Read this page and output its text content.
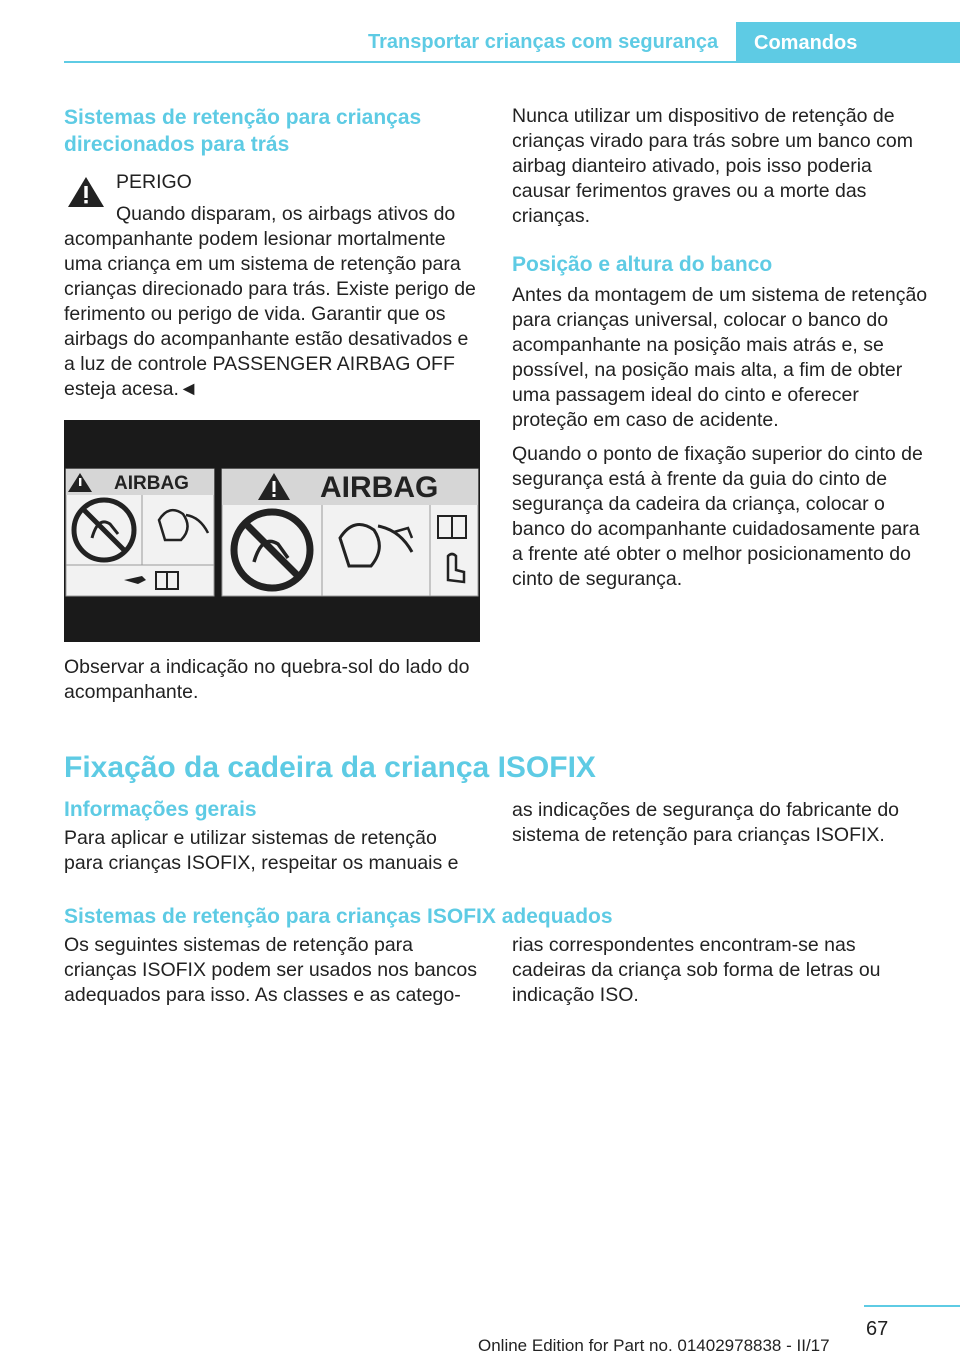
Transportar crianças com segurança	Comandos
Sistemas de retenção para crianças direcionados para trás

PERIGO

Quando disparam, os airbags ativos do

acompanhante podem lesionar mortalmente uma criança em um sistema de retenção para crianças direcionado para trás. Existe perigo de ferimento ou perigo de vida. Garantir que os airbags do acompanhante estão desativados e a luz de controle PASSENGER AIRBAG OFF esteja acesa.◄

AIRBAG	AIRBAG

Observar a indicação no quebra-sol do lado do acompanhante.

Nunca utilizar um dispositivo de retenção de crianças virado para trás sobre um banco com airbag dianteiro ativado, pois isso poderia causar ferimentos graves ou a morte das crianças.

Posição e altura do banco

Antes da montagem de um sistema de retenção para crianças universal, colocar o banco do acompanhante na posição mais atrás e, se possível, na posição mais alta, a fim de obter uma passagem ideal do cinto e oferecer proteção em caso de acidente.

Quando o ponto de fixação superior do cinto de segurança está à frente da guia do cinto de segurança da cadeira da criança, colocar o banco do acompanhante cuidadosamente para a frente até obter o melhor posicionamento do cinto de segurança.

Fixação da cadeira da criança ISOFIX
Informações gerais

Para aplicar e utilizar sistemas de retenção para crianças ISOFIX, respeitar os manuais e

as indicações de segurança do fabricante do sistema de retenção para crianças ISOFIX.

Sistemas de retenção para crianças ISOFIX adequados

Os seguintes sistemas de retenção para crianças ISOFIX podem ser usados nos bancos adequados para isso. As classes e as catego-

rias correspondentes encontram-se nas cadeiras da criança sob forma de letras ou indicação ISO.

67
Online Edition for Part no. 01402978838 - II/17
